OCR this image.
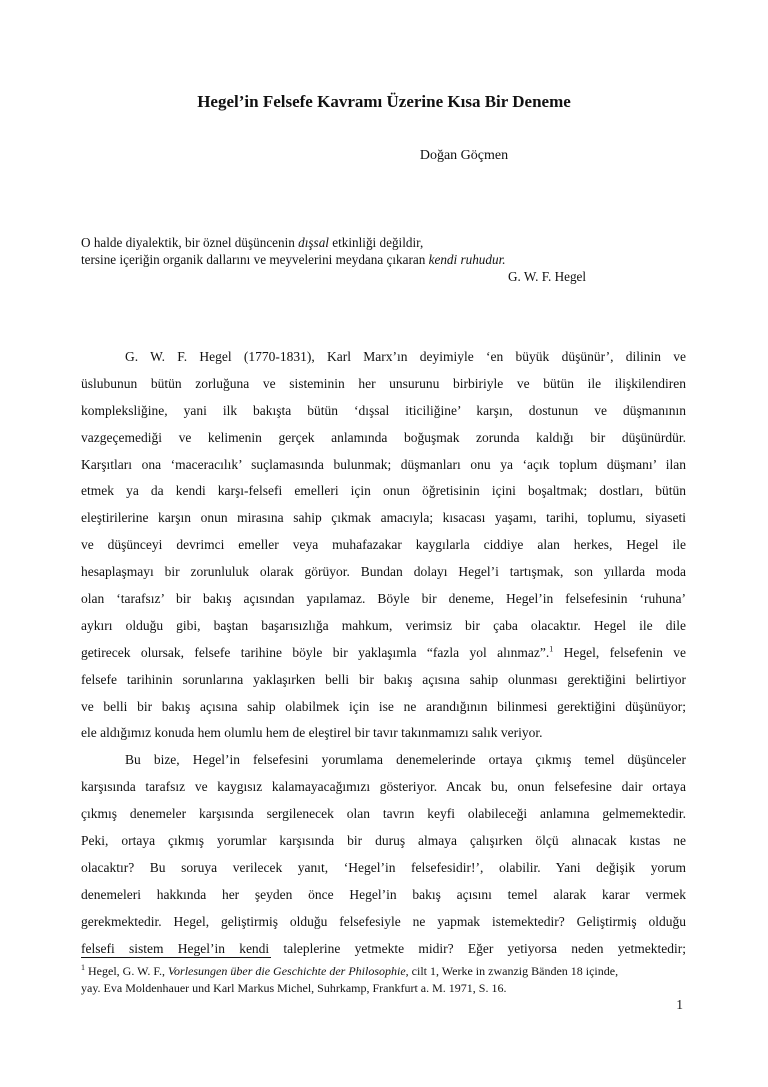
Hegel’in Felsefe Kavramı Üzerine Kısa Bir Deneme
Doğan Göçmen
O halde diyalektik, bir öznel düşüncenin dışsal etkinliği değildir,
tersine içeriğin organik dallarını ve meyvelerini meydana çıkaran kendi ruhudur.
G. W. F. Hegel
G. W. F. Hegel (1770-1831), Karl Marx’ın deyimiyle ‘en büyük düşünür’, dilinin ve
üslubunun bütün zorluğuna ve sisteminin her unsurunu birbiriyle ve bütün ile ilişkilendiren
kompleksliğine, yani ilk bakışta bütün ‘dışsal iticiliğine’ karşın, dostunun ve düşmanının
vazgeçemediği ve kelimenin gerçek anlamında boğuşmak zorunda kaldığı bir düşünürdür.
Karşıtları ona ‘maceracılık’ suçlamasında bulunmak; düşmanları onu ya ‘açık toplum düşmanı’ ilan
etmek ya da kendi karşı-felsefi emelleri için onun öğretisinin içini boşaltmak; dostları, bütün
eleştirilerine karşın onun mirasına sahip çıkmak amacıyla; kısacası yaşamı, tarihi, toplumu, siyaseti
ve düşünceyi devrimci emeller veya muhafazakar kaygılarla ciddiye alan herkes, Hegel ile
hesaplaşmayı bir zorunluluk olarak görüyor. Bundan dolayı Hegel’i tartışmak, son yıllarda moda
olan ‘tarafsız’ bir bakış açısından yapılamaz. Böyle bir deneme, Hegel’in felsefesinin ‘ruhuna’
aykırı olduğu gibi, baştan başarısızlığa mahkum, verimsiz bir çaba olacaktır. Hegel ile dile
getirecek olursak, felsefe tarihine böyle bir yaklaşımla “fazla yol alınmaz”.$^1$ Hegel, felsefenin ve
felsefe tarihinin sorunlarına yaklaşırken belli bir bakış açısına sahip olunması gerektiğini belirtiyor
ve belli bir bakış açısına sahip olabilmek için ise ne arandığının bilinmesi gerektiğini düşünüyor;
ele aldığımız konuda hem olumlu hem de eleştirel bir tavır takınmamızı salık veriyor.
Bu bize, Hegel’in felsefesini yorumlama denemelerinde ortaya çıkmış temel düşünceler
karşısında tarafsız ve kaygısız kalamayacağımızı gösteriyor. Ancak bu, onun felsefesine dair ortaya
çıkmış denemeler karşısında sergilenecek olan tavrın keyfi olabileceği anlamına gelmemektedir.
Peki, ortaya çıkmış yorumlar karşısında bir duruş almaya çalışırken ölçü alınacak kıstas ne
olacaktır? Bu soruya verilecek yanıt, ‘Hegel’in felsefesidir!’, olabilir. Yani değişik yorum
denemeleri hakkında her şeyden önce Hegel’in bakış açısını temel alarak karar vermek
gerekmektedir. Hegel, geliştirmiş olduğu felsefesiyle ne yapmak istemektedir? Geliştirmiş olduğu
felsefi sistem Hegel’in kendi taleplerine yetmekte midir? Eğer yetiyorsa neden yetmektedir;
$^1$ Hegel, G. W. F., Vorlesungen über die Geschichte der Philosophie, cilt 1, Werke in zwanzig Bänden 18 içinde,
yay. Eva Moldenhauer und Karl Markus Michel, Suhrkamp, Frankfurt a. M. 1971, S. 16.
1
